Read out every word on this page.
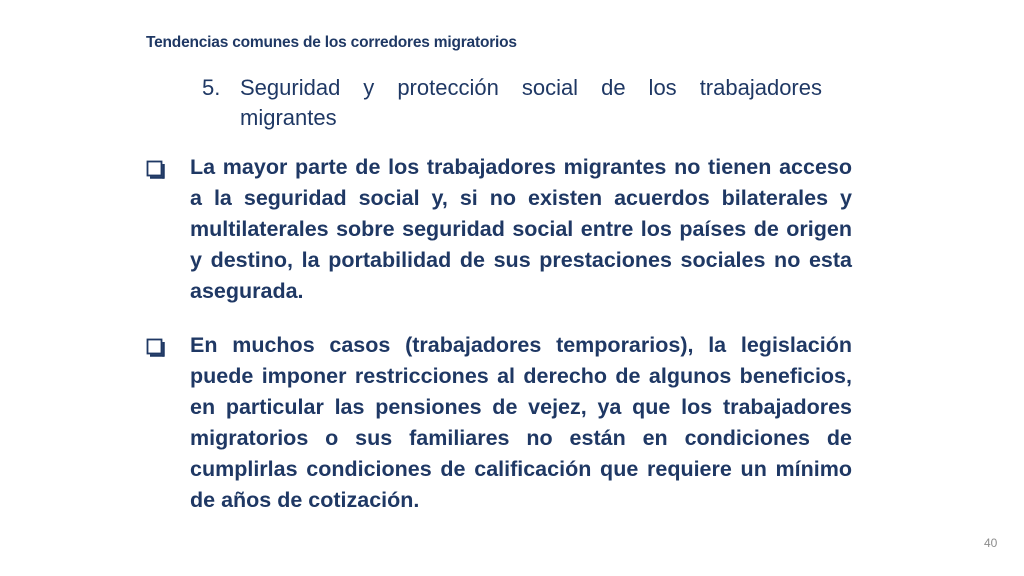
Tendencias comunes de los corredores migratorios
5. Seguridad y protección social de los trabajadores migrantes
La mayor parte de los trabajadores migrantes no tienen acceso a la seguridad social y, si no existen acuerdos bilaterales y multilaterales sobre seguridad social entre los países de origen y destino, la portabilidad de sus prestaciones sociales no esta asegurada.
En muchos casos (trabajadores temporarios), la legislación puede imponer restricciones al derecho de algunos beneficios, en particular las pensiones de vejez, ya que los trabajadores migratorios o sus familiares no están en condiciones de cumplirlas condiciones de calificación que requiere un mínimo de años de cotización.
40
